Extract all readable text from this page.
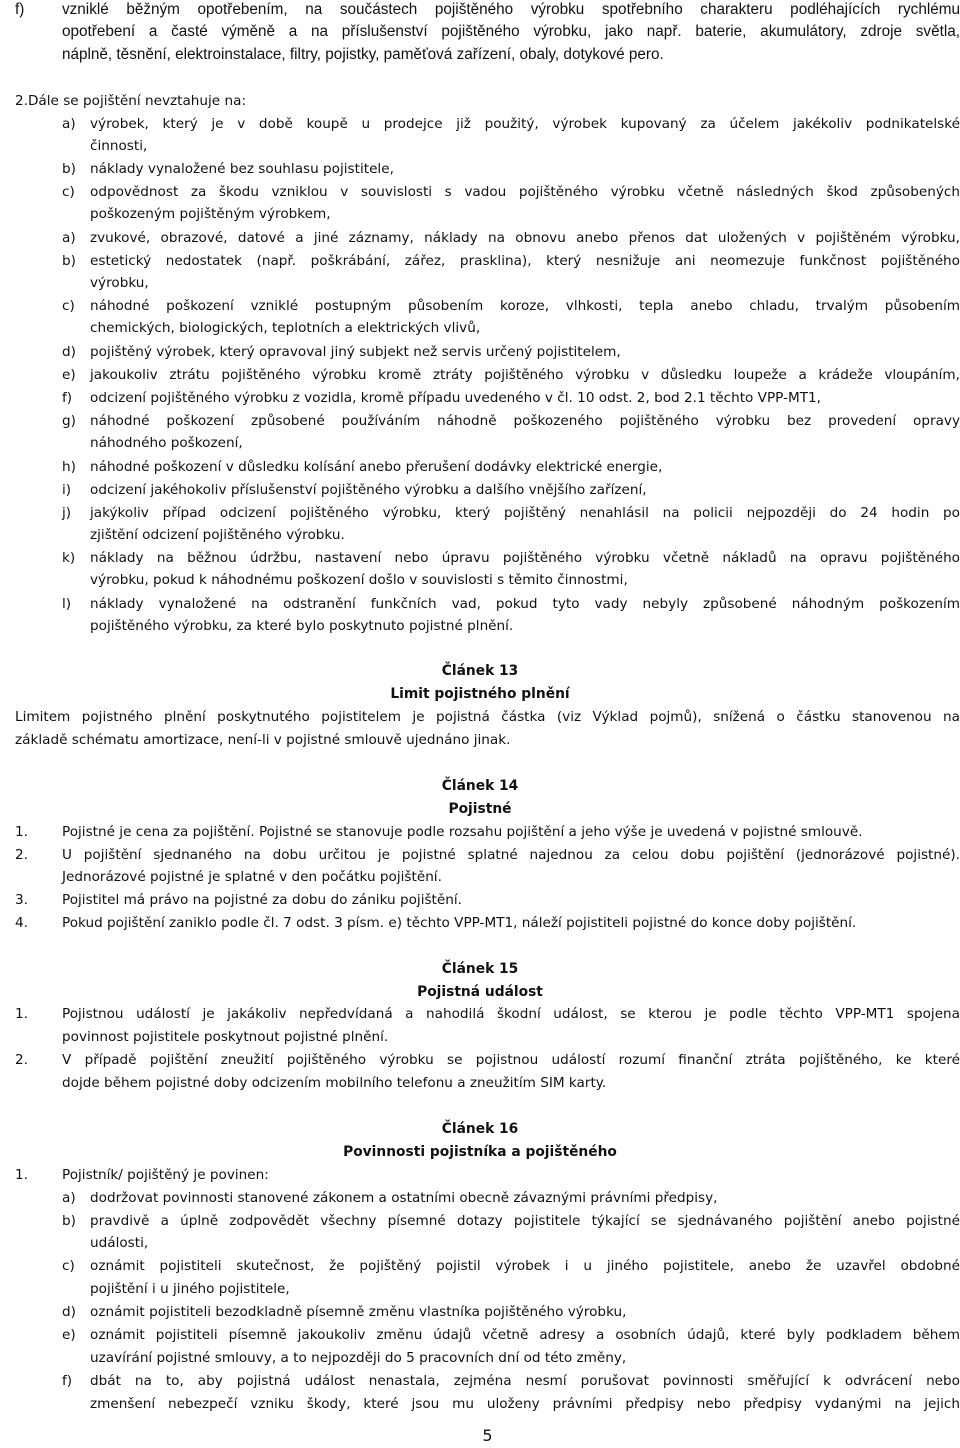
f) vzniklé běžným opotřebením, na součástech pojištěného výrobku spotřebního charakteru podléhajících rychlému
opotřebení a časté výměně a na příslušenství pojištěného výrobku, jako např. baterie, akumulátory, zdroje světla,
náplně, těsnění, elektroinstalace, filtry, pojistky, paměťová zařízení, obaly, dotykové pero.
2.Dále se pojištění nevztahuje na:
a) výrobek, který je v době koupě u prodejce již použitý, výrobek kupovaný za účelem jakékoliv podnikatelské
činnosti,
b) náklady vynaložené bez souhlasu pojistitele,
c) odpovědnost za škodu vzniklou v souvislosti s vadou pojištěného výrobku včetně následných škod způsobených
poškozeným pojištěným výrobkem,
a) zvukové, obrazové, datové a jiné záznamy, náklady na obnovu anebo přenos dat uložených v pojištěném výrobku,
b) estetický nedostatek (např. poškrábání, zářez, prasklina), který nesnižuje ani neomezuje funkčnost pojištěného
výrobku,
c) náhodné poškození vzniklé postupným působením koroze, vlhkosti, tepla anebo chladu, trvalým působením
chemických, biologických, teplotních a elektrických vlivů,
d) pojištěný výrobek, který opravoval jiný subjekt než servis určený pojistitelem,
e) jakoukoliv ztrátu pojištěného výrobku kromě ztráty pojištěného výrobku v důsledku loupeže a krádeže vloupáním,
f) odcizení pojištěného výrobku z vozidla, kromě případu uvedeného v čl. 10 odst. 2, bod 2.1 těchto VPP-MT1,
g) náhodné poškození způsobené používáním náhodně poškozeného pojištěného výrobku bez provedení opravy
náhodného poškození,
h) náhodné poškození v důsledku kolísání anebo přerušení dodávky elektrické energie,
i) odcizení jakéhokoliv příslušenství pojištěného výrobku a dalšího vnějšího zařízení,
j) jakýkoliv případ odcizení pojištěného výrobku, který pojištěný nenahlásil na policii nejpozději do 24 hodin po
zjištění odcizení pojištěného výrobku.
k) náklady na běžnou údržbu, nastavení nebo úpravu pojištěného výrobku včetně nákladů na opravu pojištěného
výrobku, pokud k náhodnému poškození došlo v souvislosti s těmito činnostmi,
l) náklady vynaložené na odstranění funkčních vad, pokud tyto vady nebyly způsobené náhodným poškozením
pojištěného výrobku, za které bylo poskytnuto pojistné plnění.
Článek 13
Limit pojistného plnění
Limitem pojistného plnění poskytnutého pojistitelem je pojistná částka (viz Výklad pojmů), snížená o částku stanovenou na
základě schématu amortizace, není-li v pojistné smlouvě ujednáno jinak.
Článek 14
Pojistné
1.	Pojistné je cena za pojištění. Pojistné se stanovuje podle rozsahu pojištění a jeho výše je uvedená v pojistné smlouvě.
2.	U pojištění sjednaného na dobu určitou je pojistné splatné najednou za celou dobu pojištění (jednorázové pojistné).
Jednorázové pojistné je splatné v den počátku pojištění.
3.	Pojistitel má právo na pojistné za dobu do zániku pojištění.
4.	Pokud pojištění zaniklo podle čl. 7 odst. 3 písm. e) těchto VPP-MT1, náleží pojistiteli pojistné do konce doby pojištění.
Článek 15
Pojistná událost
1.	Pojistnou událostí je jakákoliv nepředvídaná a nahodilá škodní událost, se kterou je podle těchto VPP-MT1 spojena
povinnost pojistitele poskytnout pojistné plnění.
2.	V případě pojištění zneužití pojištěného výrobku se pojistnou událostí rozumí finanční ztráta pojištěného, ke které
dojde během pojistné doby odcizením mobilního telefonu a zneužitím SIM karty.
Článek 16
Povinnosti pojistníka a pojištěného
1.	Pojistník/ pojištěný je povinen:
a) dodržovat povinnosti stanovené zákonem a ostatními obecně závaznými právními předpisy,
b) pravdivě a úplně zodpovědět všechny písemné dotazy pojistitele týkající se sjednávaného pojištění anebo pojistné
události,
c) oznámit pojistiteli skutečnost, že pojištěný pojistil výrobek i u jiného pojistitele, anebo že uzavřel obdobné
pojištění i u jiného pojistitele,
d) oznámit pojistiteli bezodkladně písemně změnu vlastníka pojištěného výrobku,
e) oznámit pojistiteli písemně jakoukoliv změnu údajů včetně adresy a osobních údajů, které byly podkladem během
uzavírání pojistné smlouvy, a to nejpozději do 5 pracovních dní od této změny,
f) dbát na to, aby pojistná událost nenastala, zejména nesmí porušovat povinnosti směřující k odvrácení nebo
zmenšení nebezpečí vzniku škody, které jsou mu uloženy právními předpisy nebo předpisy vydanými na jejich
5
